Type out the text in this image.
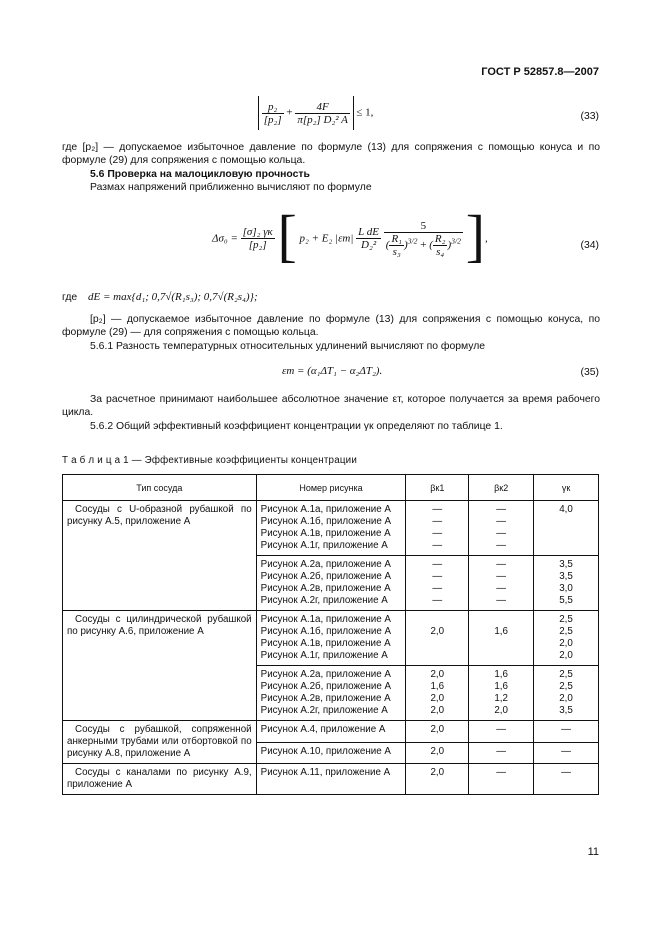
ГОСТ Р 52857.8—2007

$\frac{\text{p₂}}{\text{[p₂]}} + \frac{4F}{\text{π[p₂] D₂² A}} \le 1$,	(33)
где [p₂] — допускаемое избыточное давление по формуле (13) для сопряжения с помощью конуса и по формуле (29) для сопряжения с помощью кольца.
5.6 Проверка на малоцикловую прочность
Размах напряжений приближенно вычисляют по формуле
$\Delta\sigma_0 = \frac{\text{[σ]₂ γк}}{\text{[p₂]}}$ [ p₂ + E₂ $|\varepsilon т| \frac{\text{L dE}}{\text{D₂²}}$
$\frac{5}{( \frac{\text{R₁}}{\text{s₃}} )^{3/2} + ( \frac{\text{R₂}}{\text{s₄}} )^{3/2}}$ ],
(34)
где dE = max{d₁; 0,7√(R₁s₃); 0,7√(R₂s₄)};
[p₂] — допускаемое избыточное давление по формуле (13) для сопряжения с помощью конуса, по формуле (29) — для сопряжения с помощью кольца.
5.6.1 Разность температурных относительных удлинений вычисляют по формуле
εт = (α₁ΔT₁ − α₂ΔT₂).	(35)
За расчетное принимают наибольшее абсолютное значение εт, которое получается за время рабочего цикла.
5.6.2 Общий эффективный коэффициент концентрации γк определяют по таблице 1.
Т а б л и ц а 1 — Эффективные коэффициенты концентрации
Тип сосуда	Номер рисунка	βк1	βк2	γк
Сосуды с U-образной рубашкой по рисунку А.5, приложение А	Рисунок А.1а, приложение А
Рисунок А.1б, приложение А
Рисунок А.1в, приложение А
Рисунок А.1г, приложение А	—
—
—
—	—
—
—
—	4,0

	Рисунок А.2а, приложение А
Рисунок А.2б, приложение А
Рисунок А.2в, приложение А
Рисунок А.2г, приложение А	—
—
—
—	—
—
—
—	3,5
3,5
3,0
5,5

Сосуды с цилиндрической рубашкой по рисунку А.6, приложение А	Рисунок А.1а, приложение А
Рисунок А.1б, приложение А
Рисунок А.1в, приложение А
Рисунок А.1г, приложение А	2,0	1,6	2,5
2,5
2,0
2,0

	Рисунок А.2а, приложение А
Рисунок А.2б, приложение А
Рисунок А.2в, приложение А
Рисунок А.2г, приложение А	2,0
1,6
2,0
2,0	1,6
1,6
1,2
2,0	2,5
2,5
2,0
3,5

Сосуды с рубашкой, сопряженной анкерными трубами или отбортовкой по рисунку А.8, приложение А	Рисунок А.4, приложение А	2,0	—	—

	Рисунок А.10, приложение А	2,0	—	—

Сосуды с каналами по рисунку А.9, приложение А	Рисунок А.11, приложение А	2,0	—	—
11
